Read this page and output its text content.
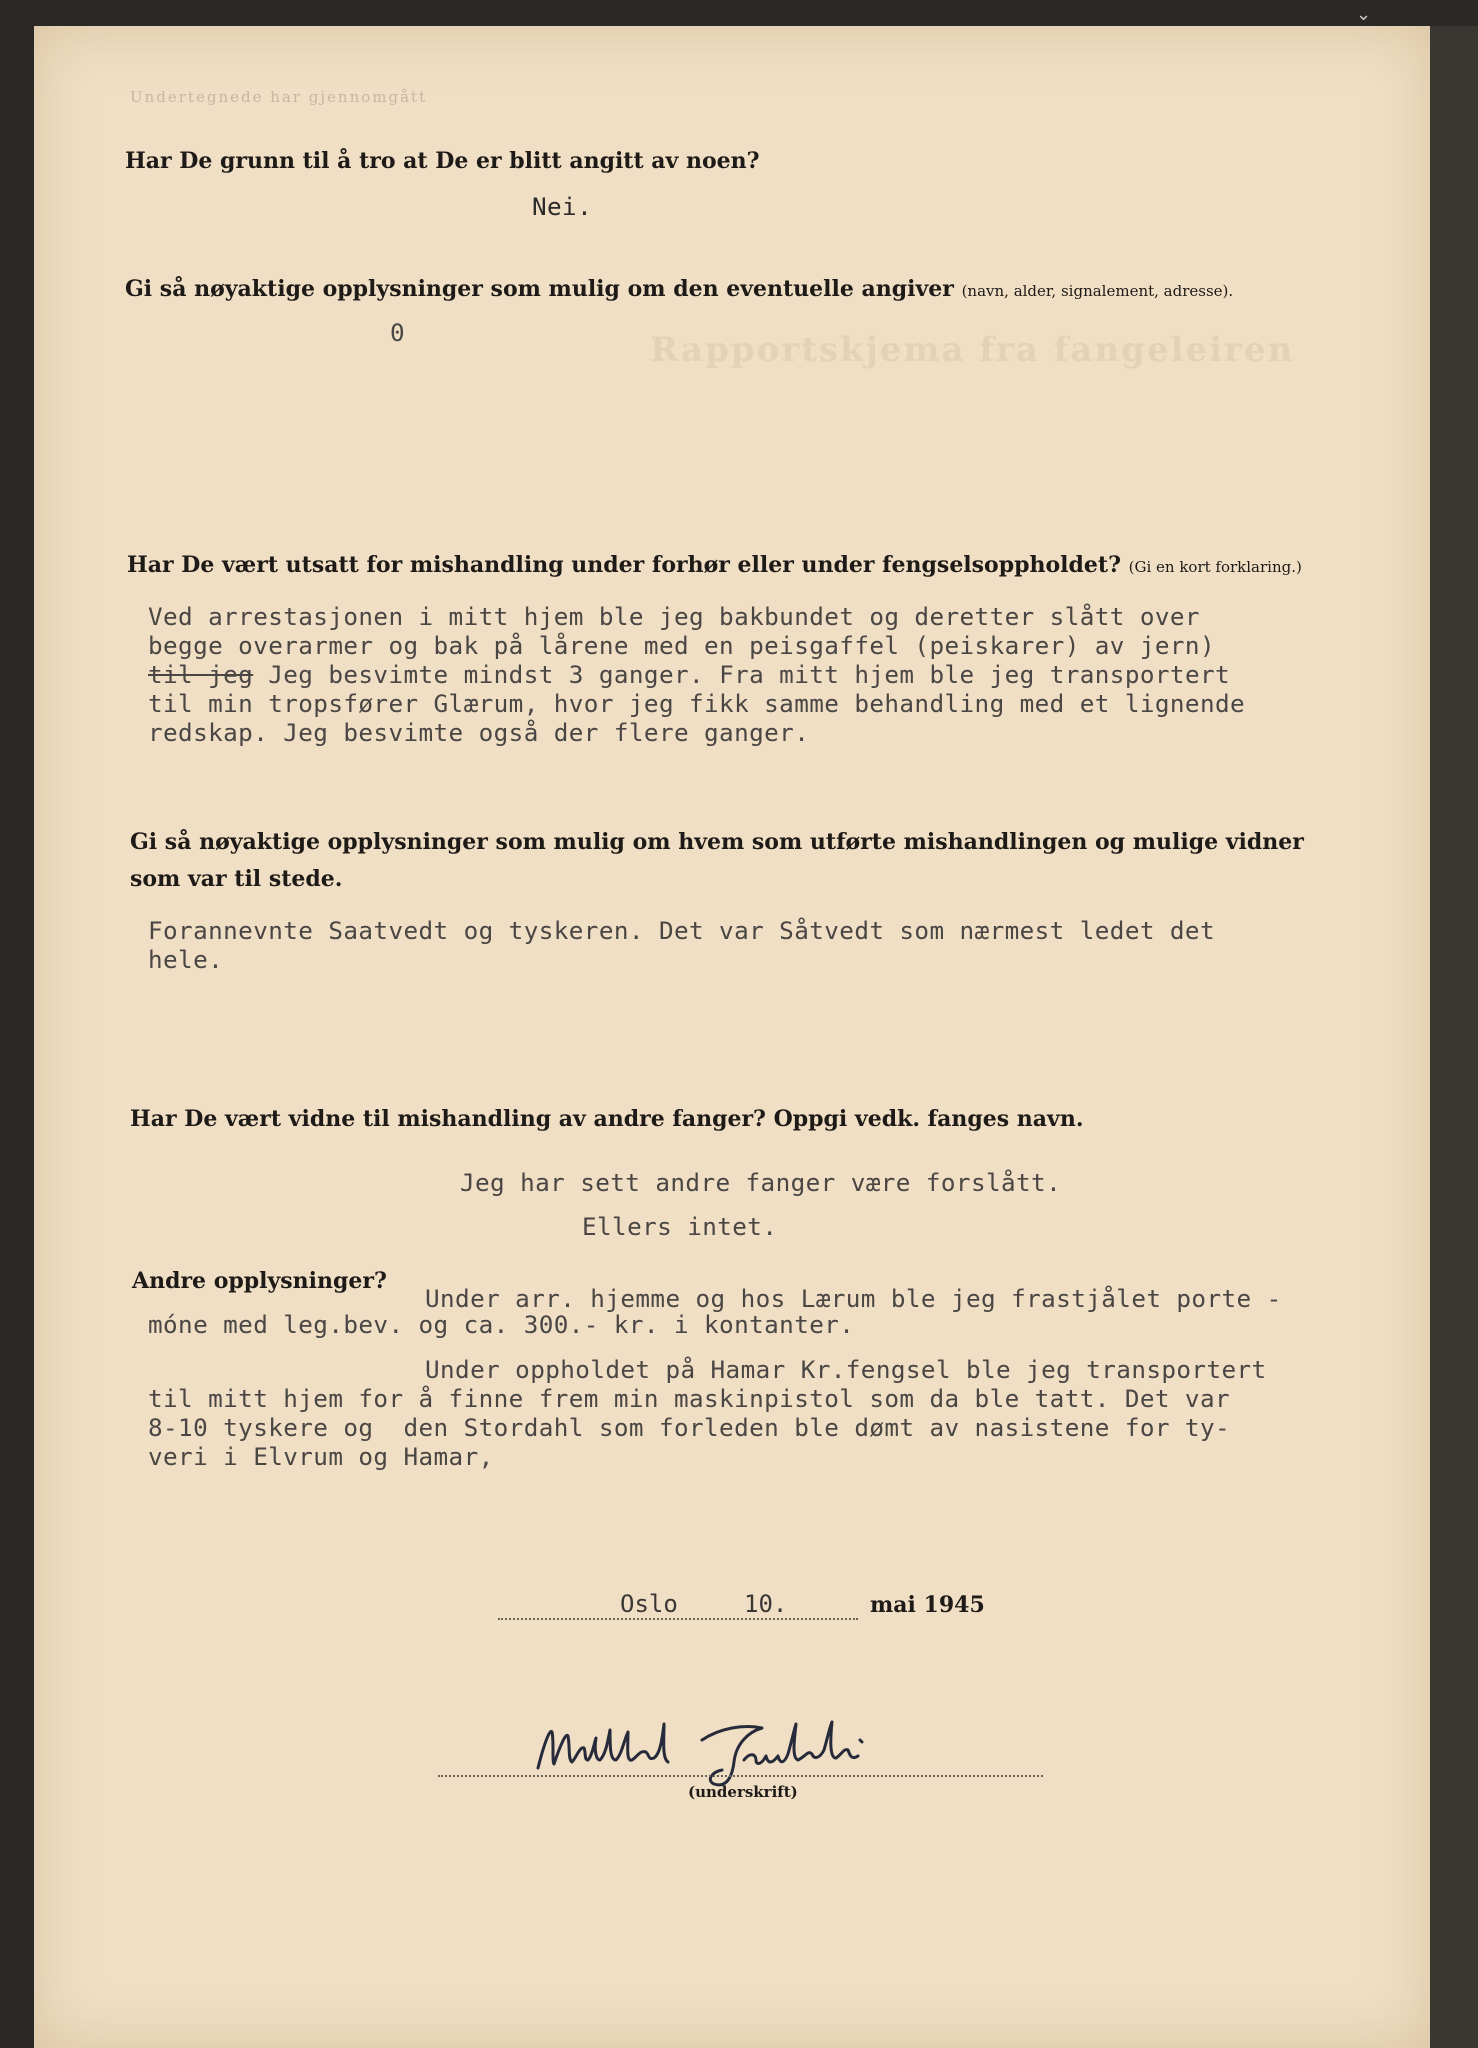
⌄
Undertegnede har gjennomgått
Rapportskjema fra fangeleiren
Har De grunn til å tro at De er blitt angitt av noen?
Nei.
Gi så nøyaktige opplysninger som mulig om den eventuelle angiver (navn, alder, signalement, adresse).
0
Har De vært utsatt for mishandling under forhør eller under fengselsoppholdet? (Gi en kort forklaring.)
Ved arrestasjonen i mitt hjem ble jeg bakbundet og deretter slått over
begge overarmer og bak på lårene med en peisgaffel (peiskarer) av jern)
til jeg Jeg besvimte mindst 3 ganger. Fra mitt hjem ble jeg transportert
til min tropsfører Glærum, hvor jeg fikk samme behandling med et lignende
redskap. Jeg besvimte også der flere ganger.
Gi så nøyaktige opplysninger som mulig om hvem som utførte mishandlingen og mulige vidner
som var til stede.
Forannevnte Saatvedt og tyskeren. Det var Såtvedt som nærmest ledet det
hele.
Har De vært vidne til mishandling av andre fanger? Oppgi vedk. fanges navn.
Jeg har sett andre fanger være forslått.
Ellers intet.
Andre opplysninger?
Under arr. hjemme og hos Lærum ble jeg frastjålet porte -
móne med leg.bev. og ca. 300.- kr. i kontanter.
Under oppholdet på Hamar Kr.fengsel ble jeg transportert
til mitt hjem for å finne frem min maskinpistol som da ble tatt. Det var
8-10 tyskere og  den Stordahl som forleden ble dømt av nasistene for ty-
veri i Elvrum og Hamar,
Oslo	10.	mai 1945
(underskrift)
